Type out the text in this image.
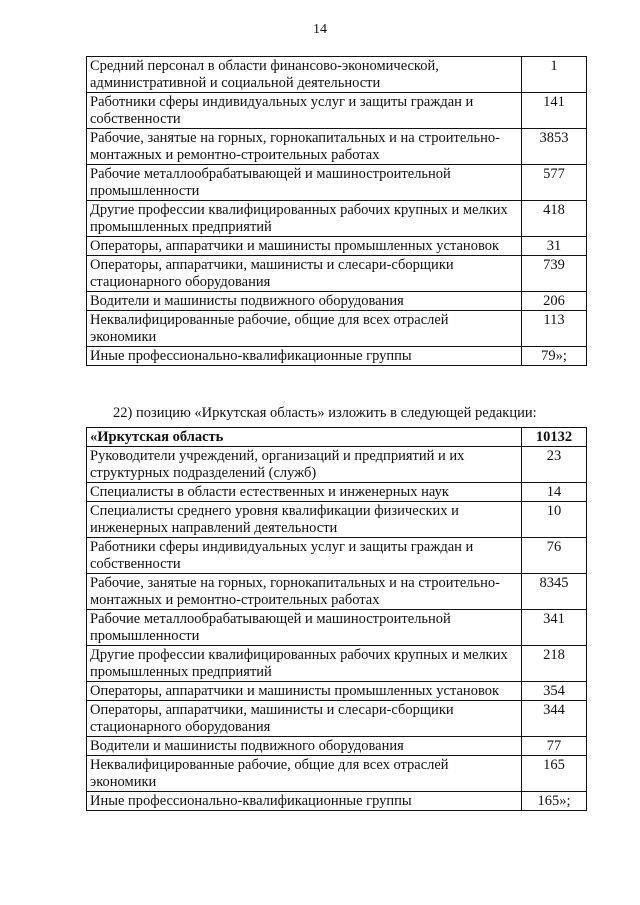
14
Средний персонал в области финансово-экономической, административной и социальной деятельности	1
Работники сферы индивидуальных услуг и защиты граждан и собственности	141
Рабочие, занятые на горных, горнокапитальных и на строительно-монтажных и ремонтно-строительных работах	3853
Рабочие металлообрабатывающей и машиностроительной промышленности	577
Другие профессии квалифицированных рабочих крупных и мелких промышленных предприятий	418
Операторы, аппаратчики и машинисты промышленных установок	31
Операторы, аппаратчики, машинисты и слесари-сборщики стационарного оборудования	739
Водители и машинисты подвижного оборудования	206
Неквалифицированные рабочие, общие для всех отраслей экономики	113
Иные профессионально-квалификационные группы	79»;
22) позицию «Иркутская область» изложить в следующей редакции:
«Иркутская область	10132
Руководители учреждений, организаций и предприятий и их структурных подразделений (служб)	23
Специалисты в области естественных и инженерных наук	14
Специалисты среднего уровня квалификации физических и инженерных направлений деятельности	10
Работники сферы индивидуальных услуг и защиты граждан и собственности	76
Рабочие, занятые на горных, горнокапитальных и на строительно-монтажных и ремонтно-строительных работах	8345
Рабочие металлообрабатывающей и машиностроительной промышленности	341
Другие профессии квалифицированных рабочих крупных и мелких промышленных предприятий	218
Операторы, аппаратчики и машинисты промышленных установок	354
Операторы, аппаратчики, машинисты и слесари-сборщики стационарного оборудования	344
Водители и машинисты подвижного оборудования	77
Неквалифицированные рабочие, общие для всех отраслей экономики	165
Иные профессионально-квалификационные группы	165»;
